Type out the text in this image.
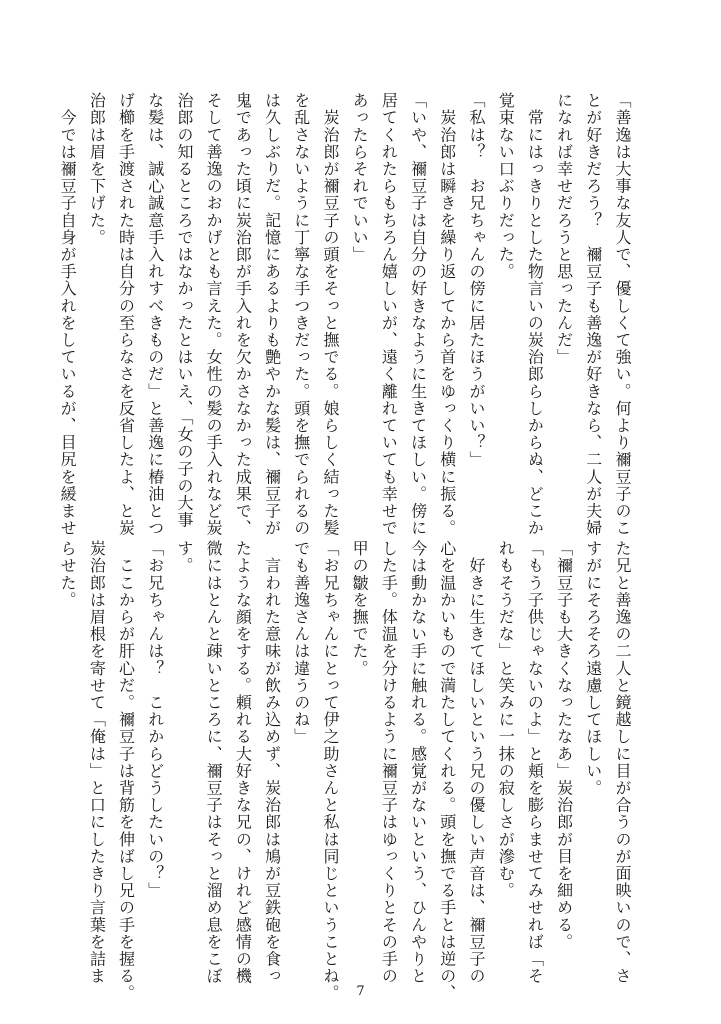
「善逸は大事な友人で、優しくて強い。何より禰豆子のこ
とが好きだろう？　禰豆子も善逸が好きなら、二人が夫婦
になれば幸せだろうと思ったんだ」
　常にはっきりとした物言いの炭治郎らしからぬ、どこか
覚束ない口ぶりだった。
「私は？　お兄ちゃんの傍に居たほうがいい？」
　炭治郎は瞬きを繰り返してから首をゆっくり横に振る。
「いや、禰豆子は自分の好きなように生きてほしい。傍に
居てくれたらもちろん嬉しいが、遠く離れていても幸せで
あったらそれでいい」
　炭治郎が禰豆子の頭をそっと撫でる。娘らしく結った髪
を乱さないように丁寧な手つきだった。頭を撫でられるの
は久しぶりだ。記憶にあるよりも艶やかな髪は、禰豆子が
鬼であった頃に炭治郎が手入れを欠かさなかった成果で、
そして善逸のおかげとも言えた。女性の髪の手入れなど炭
治郎の知るところではなかったとはいえ、「女の子の大事
な髪は、誠心誠意手入れすべきものだ」と善逸に椿油とつ
げ櫛を手渡された時は自分の至らなさを反省したよ、と炭
治郎は眉を下げた。
　今では禰豆子自身が手入れをしているが、目尻を緩ませ
た兄と善逸の二人と鏡越しに目が合うのが面映いので、さ
すがにそろそろ遠慮してほしい。
「禰豆子も大きくなったなあ」炭治郎が目を細める。
「もう子供じゃないのよ」と頬を膨らませてみせれば「そ
れもそうだな」と笑みに一抹の寂しさが滲む。
　好きに生きてほしいという兄の優しい声音は、禰豆子の
心を温かいもので満たしてくれる。頭を撫でる手とは逆の、
今は動かない手に触れる。感覚がないという、ひんやりと
した手。体温を分けるように禰豆子はゆっくりとその手の
甲の皺を撫でた。
「お兄ちゃんにとって伊之助さんと私は同じということね。
でも善逸さんは違うのね」
　言われた意味が飲み込めず、炭治郎は鳩が豆鉄砲を食っ
たような顔をする。頼れる大好きな兄の、けれど感情の機
微にはとんと疎いところに、禰豆子はそっと溜め息をこぼ
す。
「お兄ちゃんは？　これからどうしたいの？」
　ここからが肝心だ。禰豆子は背筋を伸ばし兄の手を握る。
炭治郎は眉根を寄せて「俺は」と口にしたきり言葉を詰ま
らせた。
7
